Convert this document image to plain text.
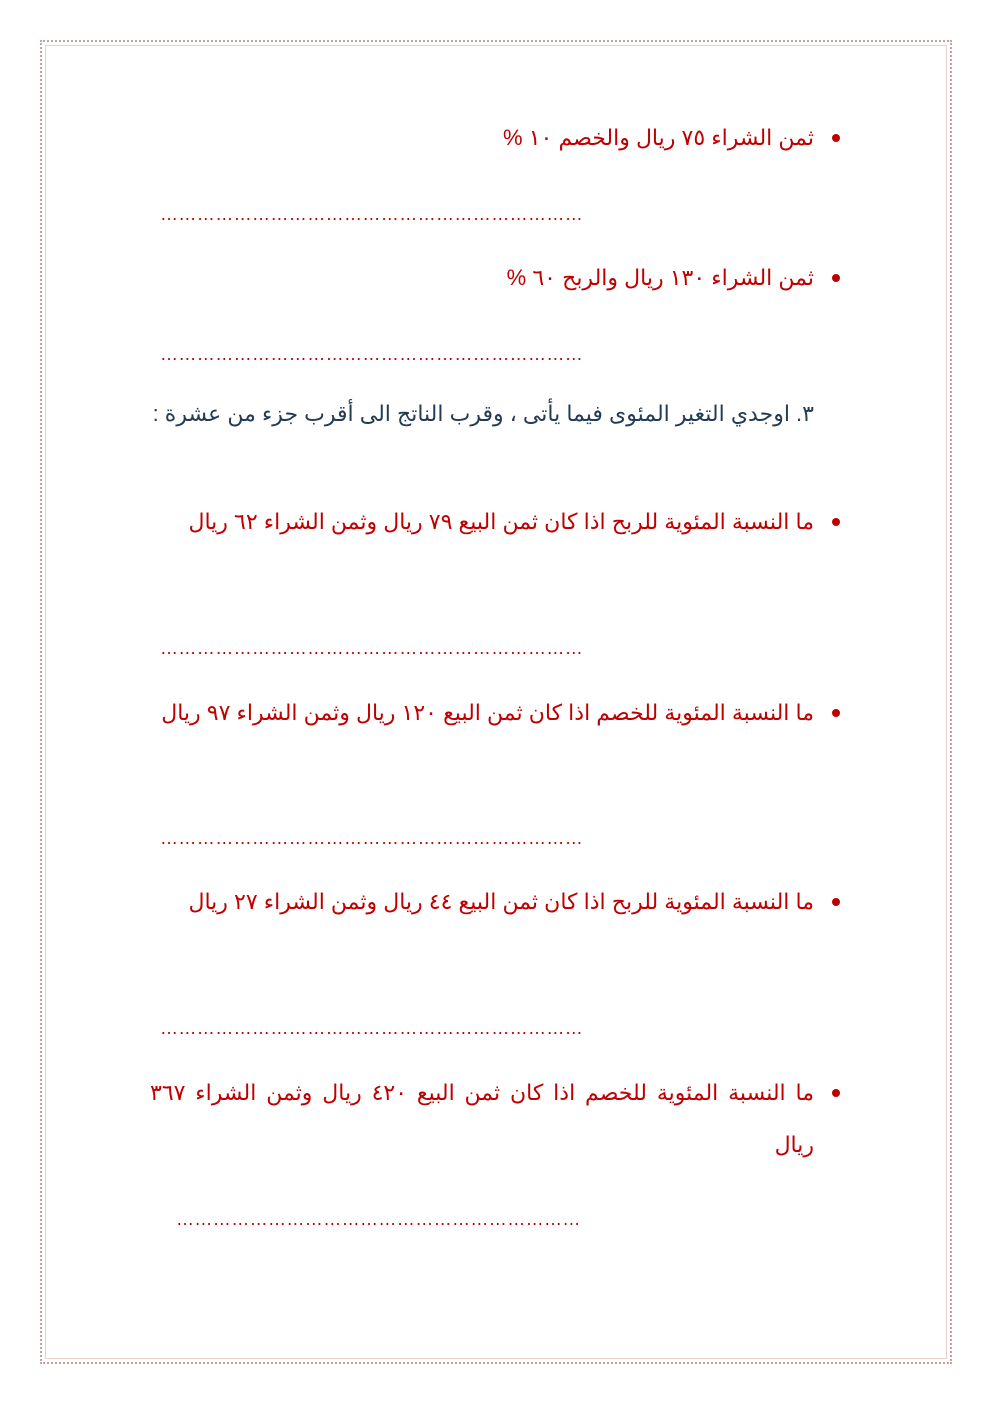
ثمن الشراء ٧٥ ريال والخصم ١٠ %
……………………………………………………………
ثمن الشراء ١٣٠ ريال والربح ٦٠ %
……………………………………………………………
٣. اوجدي التغير المئوى فيما يأتى ، وقرب الناتج الى أقرب جزء من عشرة :
ما النسبة المئوية للربح اذا كان ثمن البيع ٧٩ ريال وثمن الشراء ٦٢ ريال
……………………………………………………………
ما النسبة المئوية للخصم اذا كان ثمن البيع ١٢٠ ريال وثمن الشراء ٩٧ ريال
……………………………………………………………
ما النسبة المئوية للربح اذا كان ثمن البيع ٤٤ ريال وثمن الشراء ٢٧ ريال
……………………………………………………………
ما النسبة المئوية للخصم اذا كان ثمن البيع ٤٢٠ ريال وثمن الشراء ٣٦٧ ريال
…………………………………………………………
